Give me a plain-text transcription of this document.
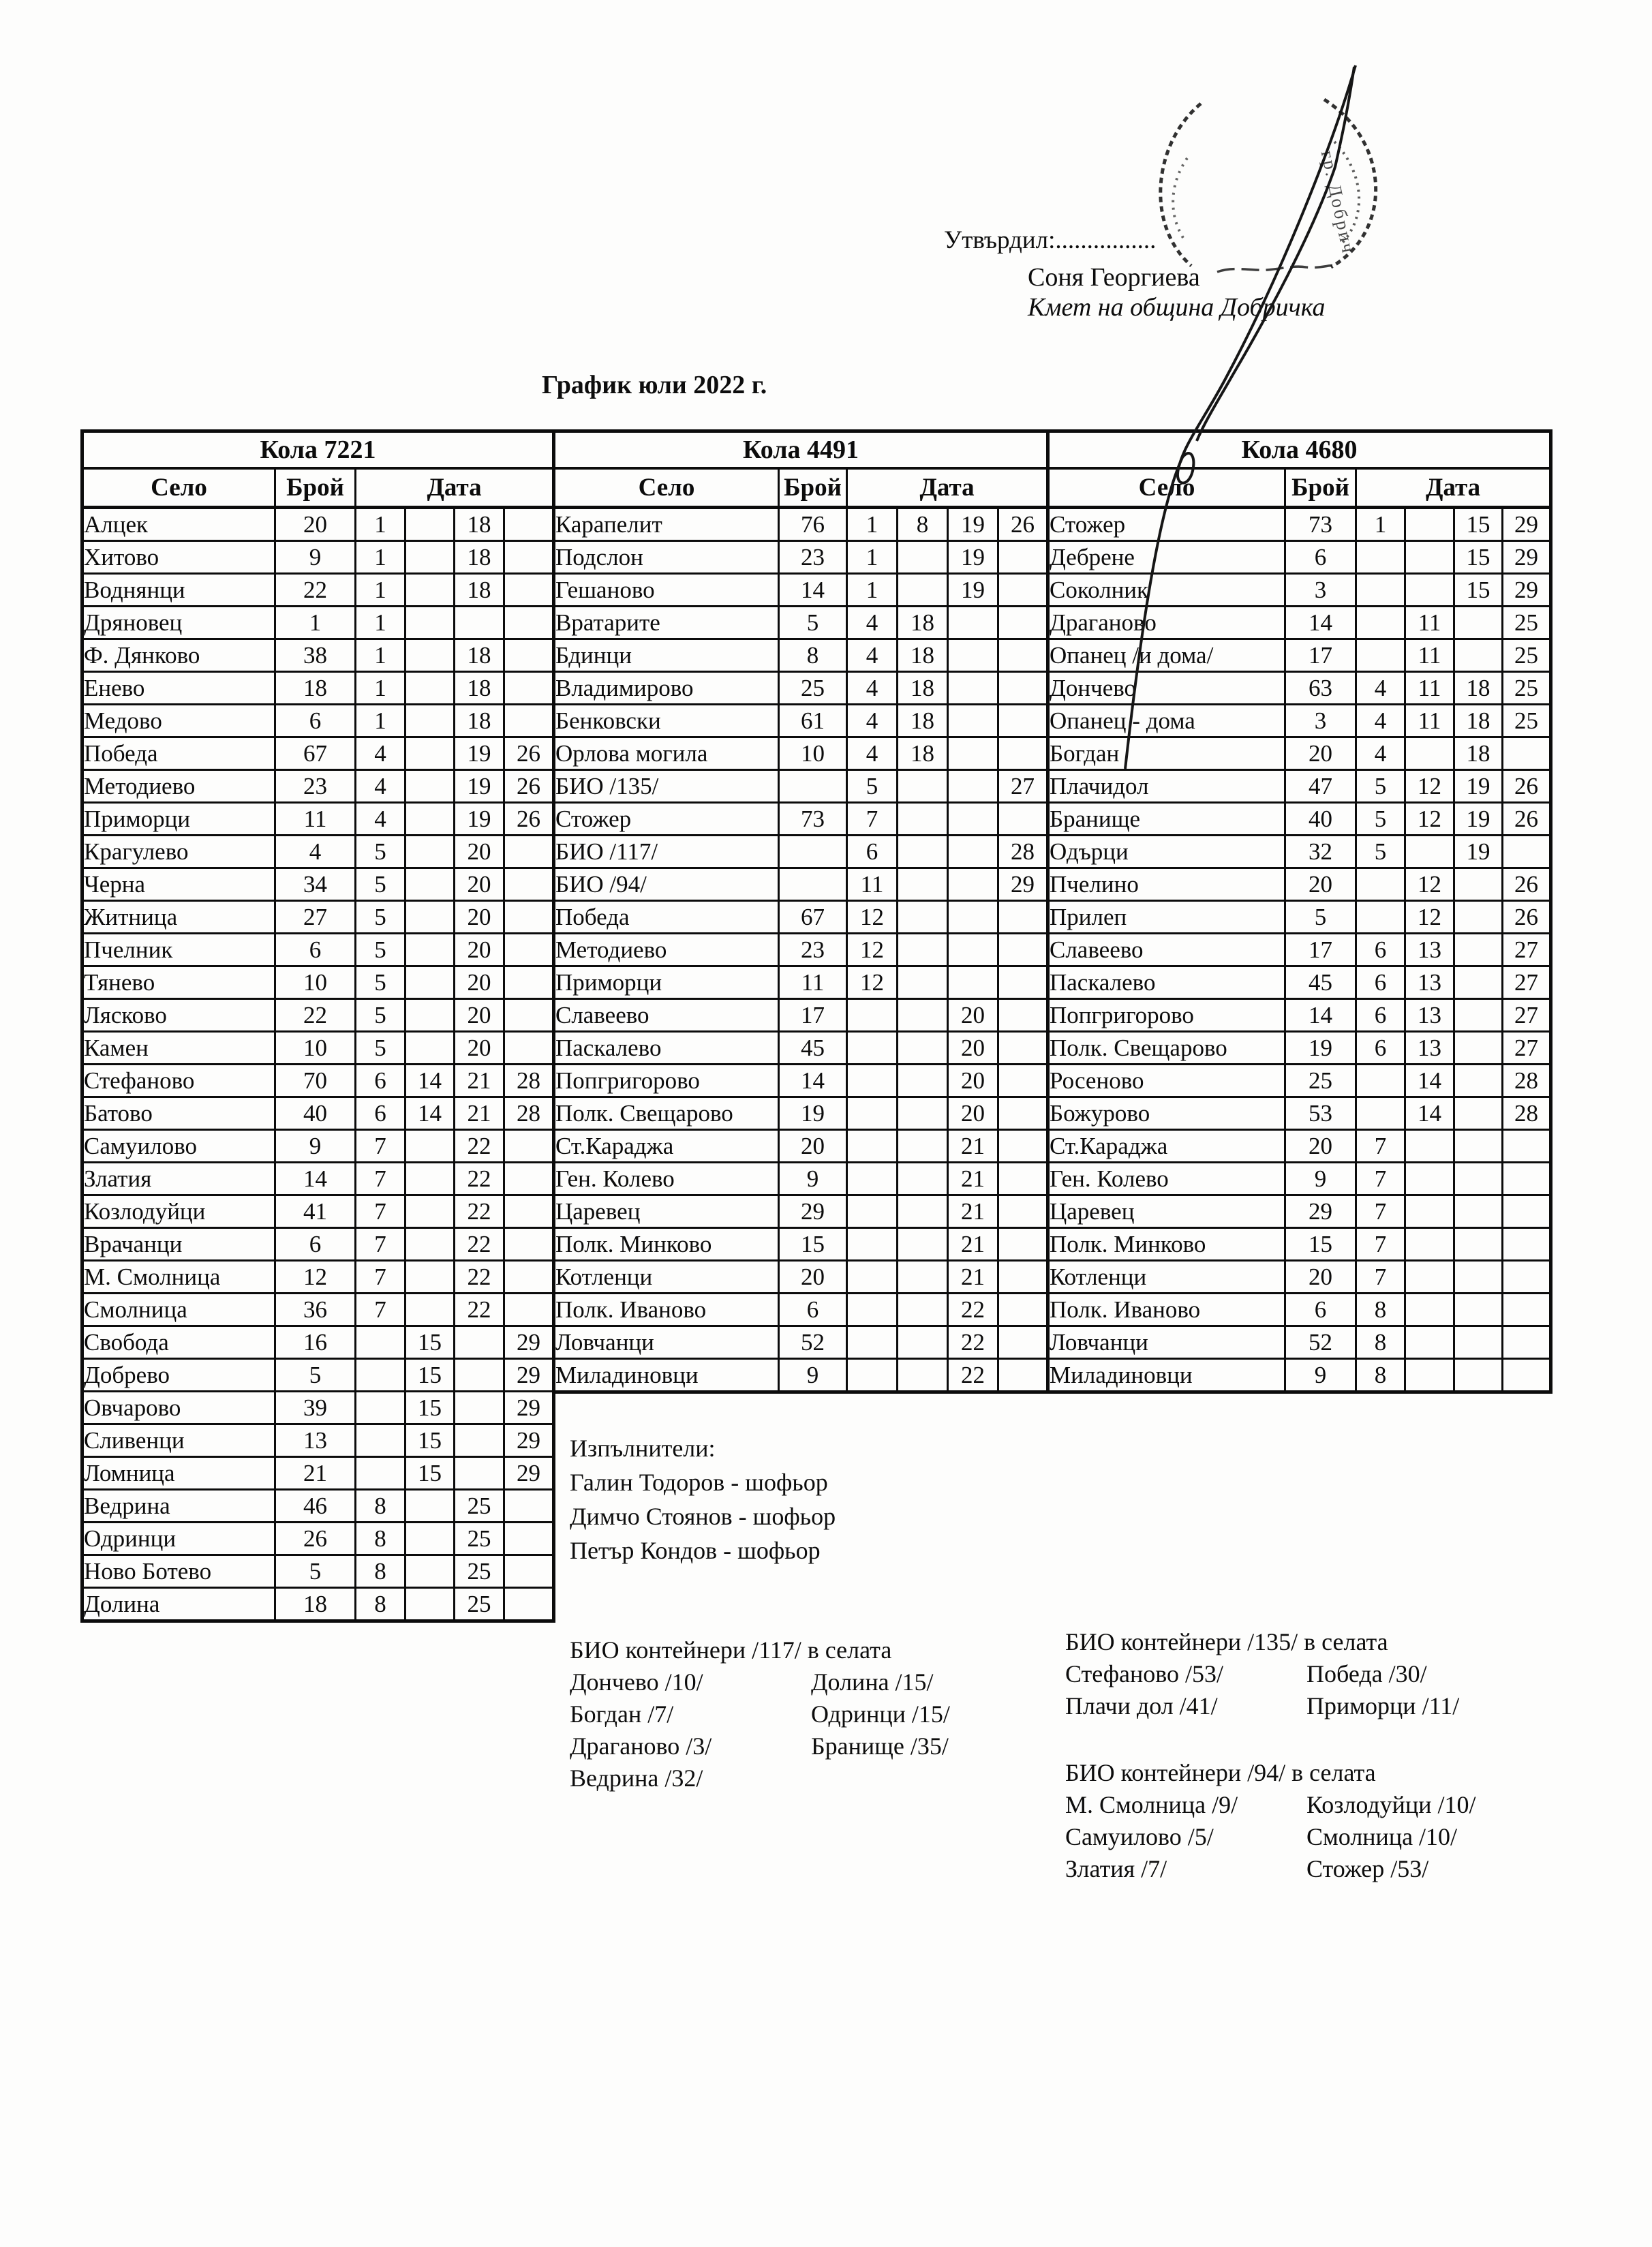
Утвърдил:................
Соня Георгиева
Кмет на община Добричка
График юли 2022 г.
гр. Добрич
Кола 7221					
Село	Брой	Дата			
Алцек	20	1		18	
Хитово	9	1		18	
Воднянци	22	1		18	
Дряновец	1	1			
Ф. Дянково	38	1		18	
Енево	18	1		18	
Медово	6	1		18	
Победа	67	4		19	26
Методиево	23	4		19	26
Приморци	11	4		19	26
Крагулево	4	5		20	
Черна	34	5		20	
Житница	27	5		20	
Пчелник	6	5		20	
Тянево	10	5		20	
Лясково	22	5		20	
Камен	10	5		20	
Стефаново	70	6	14	21	28
Батово	40	6	14	21	28
Самуилово	9	7		22	
Златия	14	7		22	
Козлодуйци	41	7		22	
Врачанци	6	7		22	
М. Смолница	12	7		22	
Смолница	36	7		22	
Свобода	16		15		29
Добрево	5		15		29
Овчарово	39		15		29
Сливенци	13		15		29
Ломница	21		15		29
Ведрина	46	8		25	
Одринци	26	8		25	
Ново Ботево	5	8		25	
Долина	18	8		25	
Кола 4491					
Село	Брой	Дата			
Карапелит	76	1	8	19	26
Подслон	23	1		19	
Гешаново	14	1		19	
Вратарите	5	4	18		
Бдинци	8	4	18		
Владимирово	25	4	18		
Бенковски	61	4	18		
Орлова могила	10	4	18		
БИО /135/		5			27
Стожер	73	7			
БИО /117/		6			28
БИО /94/		11			29
Победа	67	12			
Методиево	23	12			
Приморци	11	12			
Славеево	17			20	
Паскалево	45			20	
Попгригорово	14			20	
Полк. Свещарово	19			20	
Ст.Караджа	20			21	
Ген. Колево	9			21	
Царевец	29			21	
Полк. Минково	15			21	
Котленци	20			21	
Полк. Иваново	6			22	
Ловчанци	52			22	
Миладиновци	9			22	
Кола 4680					
Село	Брой	Дата			
Стожер	73	1		15	29
Дебрене	6			15	29
Соколник	3			15	29
Драганово	14		11		25
Опанец /и дома/	17		11		25
Дончево	63	4	11	18	25
Опанец - дома	3	4	11	18	25
Богдан	20	4		18	
Плачидол	47	5	12	19	26
Бранище	40	5	12	19	26
Одърци	32	5		19	
Пчелино	20		12		26
Прилеп	5		12		26
Славеево	17	6	13		27
Паскалево	45	6	13		27
Попгригорово	14	6	13		27
Полк. Свещарово	19	6	13		27
Росеново	25		14		28
Божурово	53		14		28
Ст.Караджа	20	7			
Ген. Колево	9	7			
Царевец	29	7			
Полк. Минково	15	7			
Котленци	20	7			
Полк. Иваново	6	8			
Ловчанци	52	8			
Миладиновци	9	8			
Изпълнители:
Галин Тодоров - шофьор
Димчо Стоянов - шофьор
Петър Кондов - шофьор
БИО контейнери /117/ в селата
Дончево /10/	Долина /15/
Богдан /7/	Одринци /15/
Драганово /3/	Бранище /35/
Ведрина /32/
БИО контейнери /135/ в селата
Стефаново /53/	Победа /30/
Плачи дол /41/	Приморци /11/
БИО контейнери /94/ в селата
М. Смолница /9/	Козлодуйци /10/
Самуилово /5/	Смолница /10/
Златия /7/	Стожер /53/
